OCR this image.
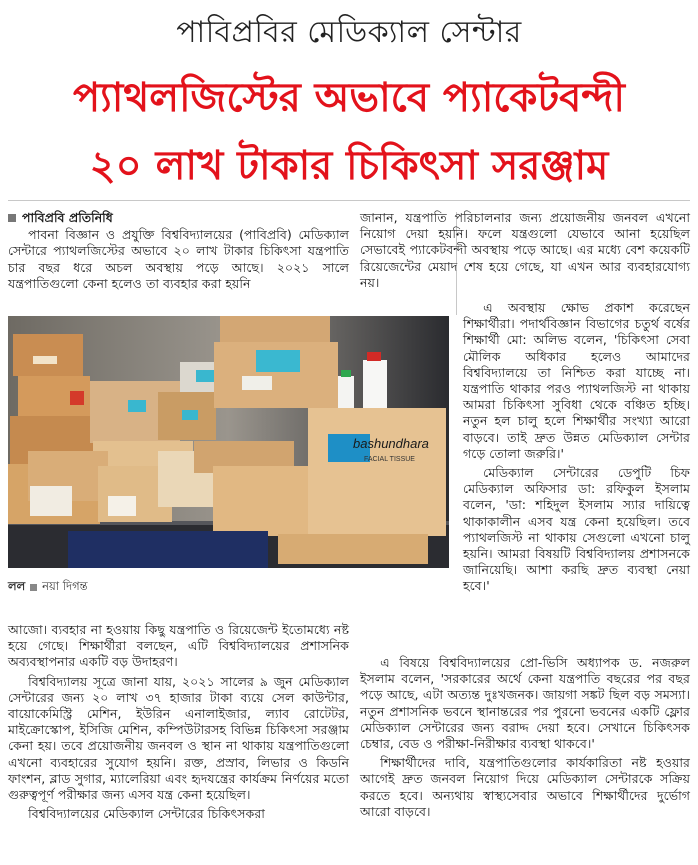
পাবিপ্রবির মেডিক্যাল সেন্টার
প্যাথলজিস্টের অভাবে প্যাকেটবন্দী
২০ লাখ টাকার চিকিৎসা সরঞ্জাম
পাবিপ্রবি প্রতিনিধি

পাবনা বিজ্ঞান ও প্রযুক্তি বিশ্ববিদ্যালয়ের (পাবিপ্রবি) মেডিক্যাল সেন্টারে প্যাথলজিস্টের অভাবে ২০ লাখ টাকার চিকিৎসা যন্ত্রপাতি চার বছর ধরে অচল অবস্থায় পড়ে আছে। ২০২১ সালে যন্ত্রপাতিগুলো কেনা হলেও তা ব্যবহার করা হয়নি

bashundhara
FACIAL TISSUE
লল নয়া দিগন্ত

আজো। ব্যবহার না হওয়ায় কিছু যন্ত্রপাতি ও রিয়েজেন্ট ইতোমধ্যে নষ্ট হয়ে গেছে। শিক্ষার্থীরা বলছেন, এটি বিশ্ববিদ্যালয়ের প্রশাসনিক অব্যবস্থাপনার একটি বড় উদাহরণ।

বিশ্ববিদ্যালয় সূত্রে জানা যায়, ২০২১ সালের ৯ জুন মেডিক্যাল সেন্টারের জন্য ২০ লাখ ৩৭ হাজার টাকা ব্যয়ে সেল কাউন্টার, বায়োকেমিস্ট্রি মেশিন, ইউরিন এনালাইজার, ল্যাব রোটেটর, মাইক্রোস্কোপ, ইসিজি মেশিন, কম্পিউটারসহ বিভিন্ন চিকিৎসা সরঞ্জাম কেনা হয়। তবে প্রয়োজনীয় জনবল ও স্থান না থাকায় যন্ত্রপাতিগুলো এখনো ব্যবহারের সুযোগ হয়নি। রক্ত, প্রস্রাব, লিভার ও কিডনি ফাংশন, ব্লাড সুগার, ম্যালেরিয়া এবং হৃদযন্ত্রের কার্যক্রম নির্ণয়ের মতো গুরুত্বপূর্ণ পরীক্ষার জন্য এসব যন্ত্র কেনা হয়েছিল।

বিশ্ববিদ্যালয়ের মেডিক্যাল সেন্টারের চিকিৎসকরা

জানান, যন্ত্রপাতি পরিচালনার জন্য প্রয়োজনীয় জনবল এখনো নিয়োগ দেয়া হয়নি। ফলে যন্ত্রগুলো যেভাবে আনা হয়েছিল সেভাবেই প্যাকেটবন্দী অবস্থায় পড়ে আছে। এর মধ্যে বেশ কয়েকটি রিয়েজেন্টের মেয়াদ শেষ হয়ে গেছে, যা এখন আর ব্যবহারযোগ্য নয়।

এ অবস্থায় ক্ষোভ প্রকাশ করেছেন শিক্ষার্থীরা। পদার্থবিজ্ঞান বিভাগের চতুর্থ বর্ষের শিক্ষার্থী মো: অলিভ বলেন, 'চিকিৎসা সেবা মৌলিক অধিকার হলেও আমাদের বিশ্ববিদ্যালয়ে তা নিশ্চিত করা যাচ্ছে না। যন্ত্রপাতি থাকার পরও প্যাথলজিস্ট না থাকায় আমরা চিকিৎসা সুবিধা থেকে বঞ্চিত হচ্ছি। নতুন হল চালু হলে শিক্ষার্থীর সংখ্যা আরো বাড়বে। তাই দ্রুত উন্নত মেডিক্যাল সেন্টার গড়ে তোলা জরুরি।'

মেডিক্যাল সেন্টারের ডেপুটি চিফ মেডিক্যাল অফিসার ডা: রফিকুল ইসলাম বলেন, 'ডা: শহিদুল ইসলাম স্যার দায়িত্বে থাকাকালীন এসব যন্ত্র কেনা হয়েছিল। তবে প্যাথলজিস্ট না থাকায় সেগুলো এখনো চালু হয়নি। আমরা বিষয়টি বিশ্ববিদ্যালয় প্রশাসনকে জানিয়েছি। আশা করছি দ্রুত ব্যবস্থা নেয়া হবে।'

এ বিষয়ে বিশ্ববিদ্যালয়ের প্রো-ভিসি অধ্যাপক ড. নজরুল ইসলাম বলেন, 'সরকারের অর্থে কেনা যন্ত্রপাতি বছরের পর বছর পড়ে আছে, এটা অত্যন্ত দুঃখজনক। জায়গা সঙ্কট ছিল বড় সমস্যা। নতুন প্রশাসনিক ভবনে স্থানান্তরের পর পুরনো ভবনের একটি ফ্লোর মেডিক্যাল সেন্টারের জন্য বরাদ্দ দেয়া হবে। সেখানে চিকিৎসক চেম্বার, বেড ও পরীক্ষা-নিরীক্ষার ব্যবস্থা থাকবে।'

শিক্ষার্থীদের দাবি, যন্ত্রপাতিগুলোর কার্যকারিতা নষ্ট হওয়ার আগেই দ্রুত জনবল নিয়োগ দিয়ে মেডিক্যাল সেন্টারকে সক্রিয় করতে হবে। অন্যথায় স্বাস্থ্যসেবার অভাবে শিক্ষার্থীদের দুর্ভোগ আরো বাড়বে।
